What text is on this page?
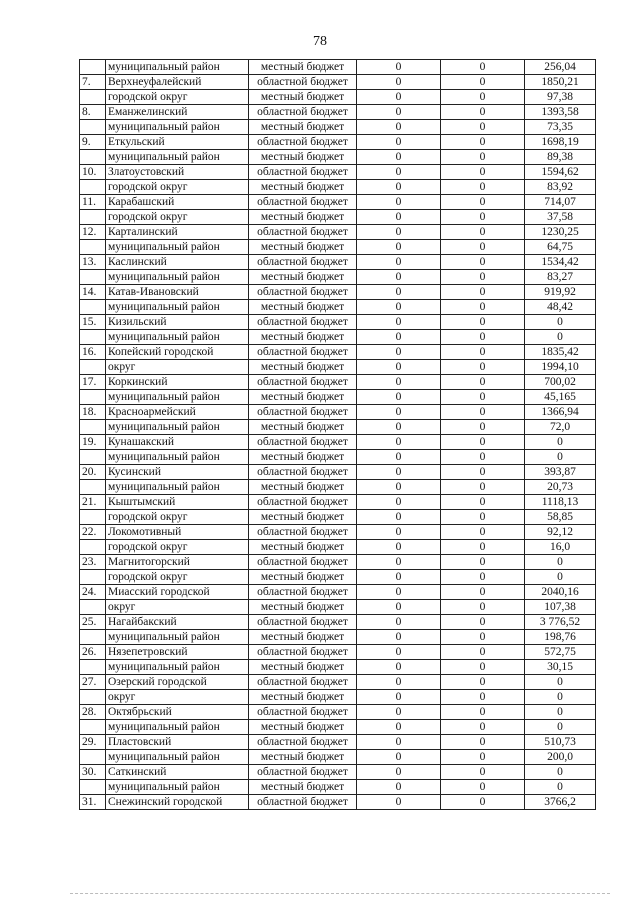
78
	муниципальный район	местный бюджет	0	0	256,04
7.	Верхнеуфалейский	областной бюджет	0	0	1850,21
	городской округ	местный бюджет	0	0	97,38
8.	Еманжелинский	областной бюджет	0	0	1393,58
	муниципальный район	местный бюджет	0	0	73,35
9.	Еткульский	областной бюджет	0	0	1698,19
	муниципальный район	местный бюджет	0	0	89,38
10.	Златоустовский	областной бюджет	0	0	1594,62
	городской округ	местный бюджет	0	0	83,92
11.	Карабашский	областной бюджет	0	0	714,07
	городской округ	местный бюджет	0	0	37,58
12.	Карталинский	областной бюджет	0	0	1230,25
	муниципальный район	местный бюджет	0	0	64,75
13.	Каслинский	областной бюджет	0	0	1534,42
	муниципальный район	местный бюджет	0	0	83,27
14.	Катав-Ивановский	областной бюджет	0	0	919,92
	муниципальный район	местный бюджет	0	0	48,42
15.	Кизильский	областной бюджет	0	0	0
	муниципальный район	местный бюджет	0	0	0
16.	Копейский городской	областной бюджет	0	0	1835,42
	округ	местный бюджет	0	0	1994,10
17.	Коркинский	областной бюджет	0	0	700,02
	муниципальный район	местный бюджет	0	0	45,165
18.	Красноармейский	областной бюджет	0	0	1366,94
	муниципальный район	местный бюджет	0	0	72,0
19.	Кунашакский	областной бюджет	0	0	0
	муниципальный район	местный бюджет	0	0	0
20.	Кусинский	областной бюджет	0	0	393,87
	муниципальный район	местный бюджет	0	0	20,73
21.	Кыштымский	областной бюджет	0	0	1118,13
	городской округ	местный бюджет	0	0	58,85
22.	Локомотивный	областной бюджет	0	0	92,12
	городской округ	местный бюджет	0	0	16,0
23.	Магнитогорский	областной бюджет	0	0	0
	городской округ	местный бюджет	0	0	0
24.	Миасский городской	областной бюджет	0	0	2040,16
	округ	местный бюджет	0	0	107,38
25.	Нагайбакский	областной бюджет	0	0	3 776,52
	муниципальный район	местный бюджет	0	0	198,76
26.	Нязепетровский	областной бюджет	0	0	572,75
	муниципальный район	местный бюджет	0	0	30,15
27.	Озерский городской	областной бюджет	0	0	0
	округ	местный бюджет	0	0	0
28.	Октябрьский	областной бюджет	0	0	0
	муниципальный район	местный бюджет	0	0	0
29.	Пластовский	областной бюджет	0	0	510,73
	муниципальный район	местный бюджет	0	0	200,0
30.	Саткинский	областной бюджет	0	0	0
	муниципальный район	местный бюджет	0	0	0
31.	Снежинский городской	областной бюджет	0	0	3766,2
